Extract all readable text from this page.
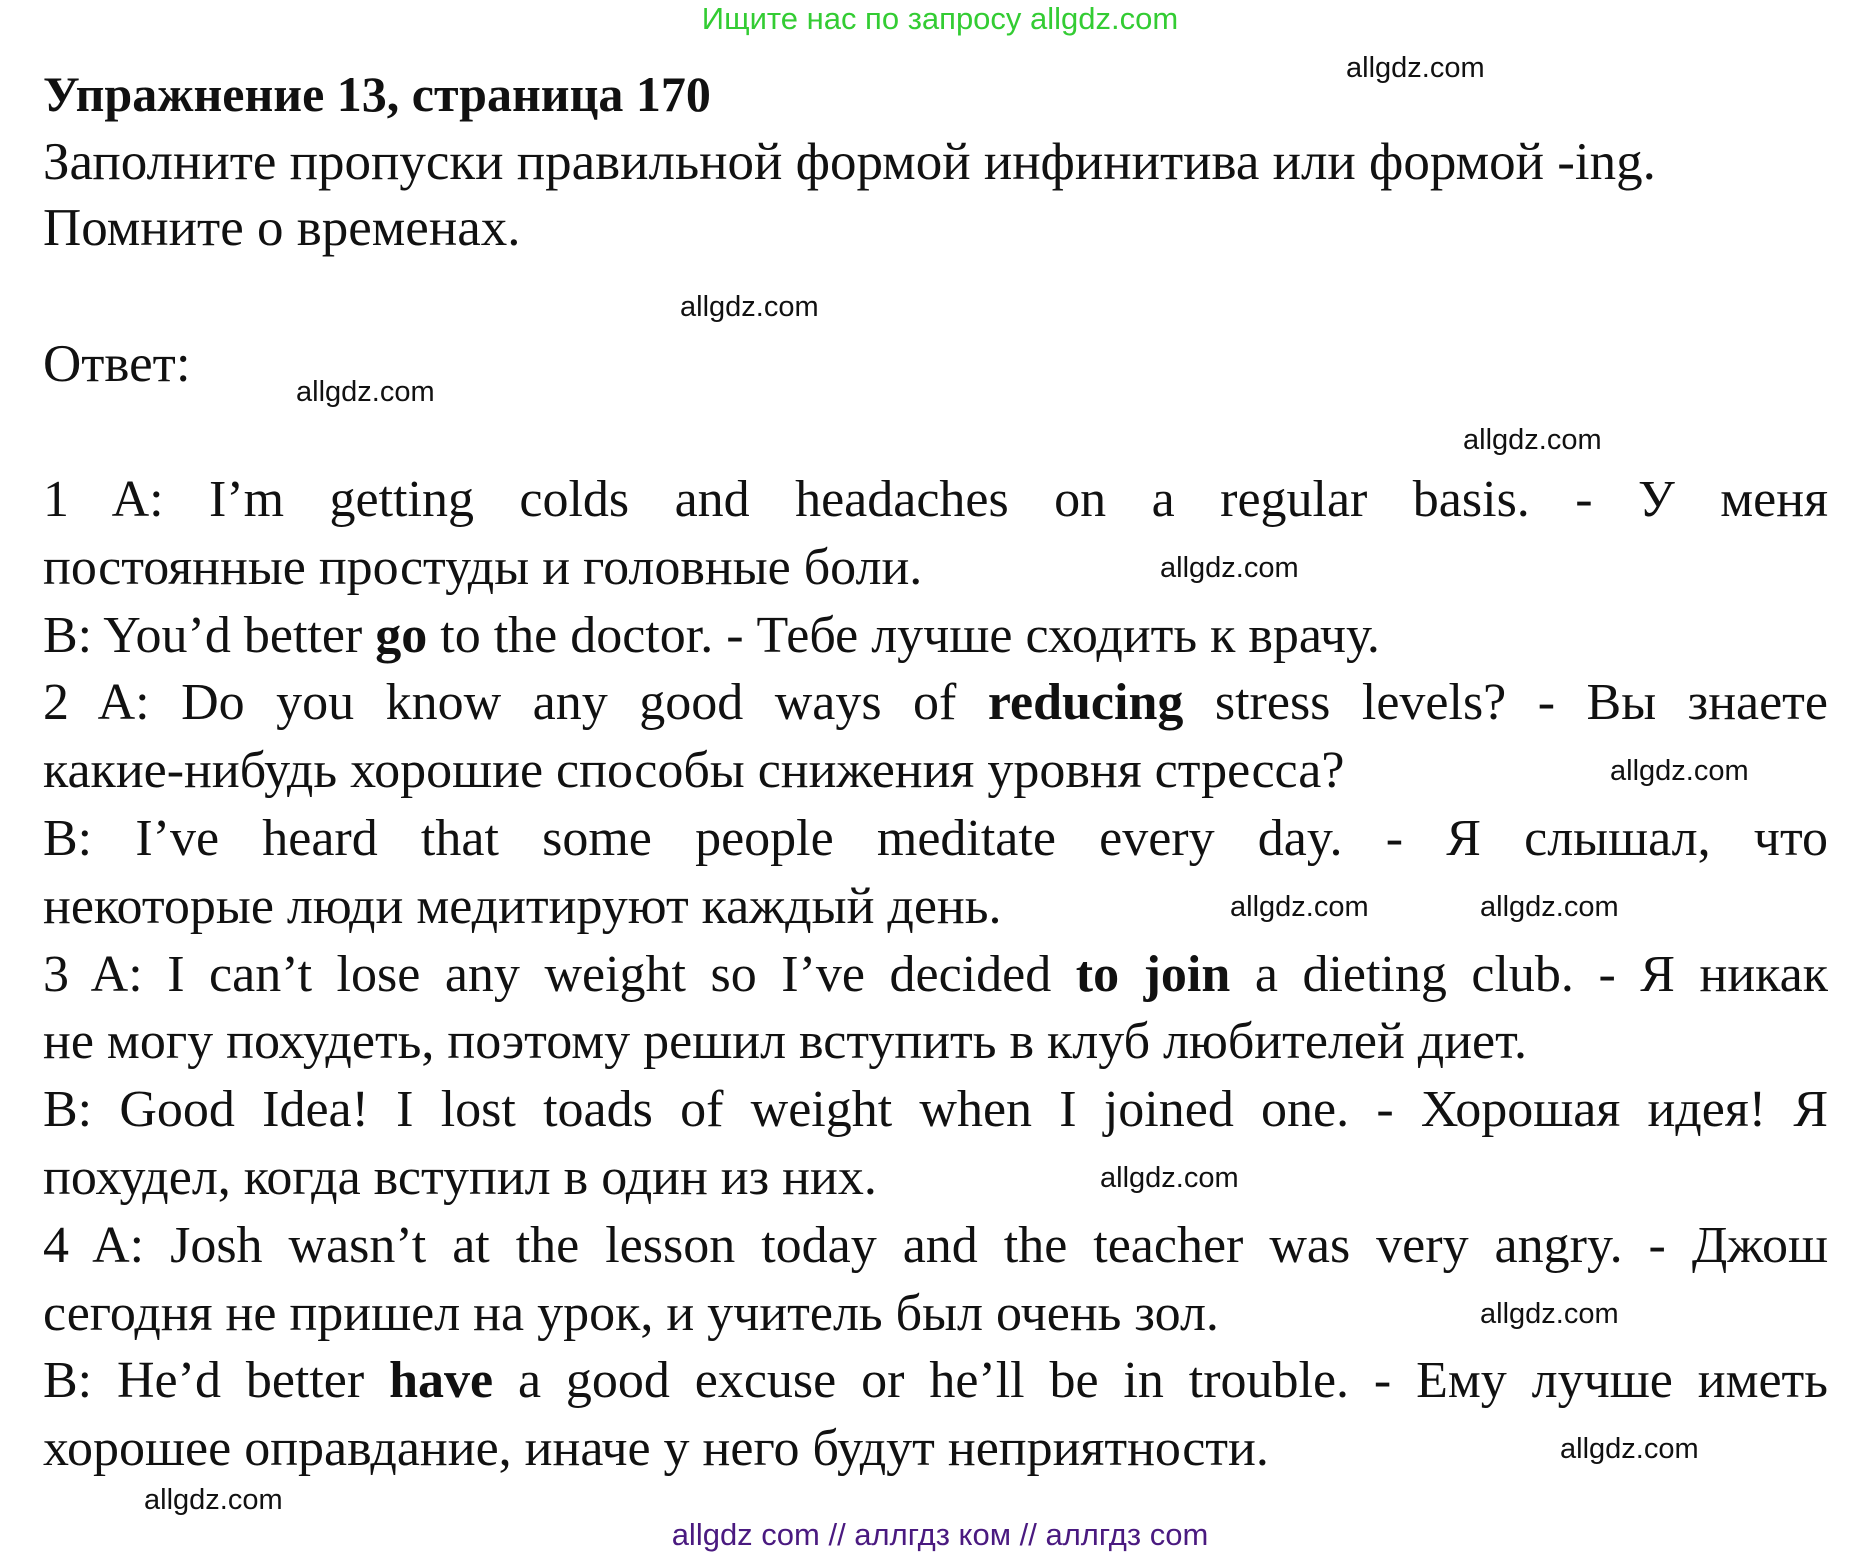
Ищите нас по запросу allgdz.com
Упражнение 13, страница 170
Заполните пропуски правильной формой инфинитива или формой -ing.
Помните о временах.
Ответ:
1 A: I’m getting colds and headaches on a regular basis. - У меня
постоянные простуды и головные боли.
B: You’d better go to the doctor. - Тебе лучше сходить к врачу.
2 A: Do you know any good ways of reducing stress levels? - Вы знаете
какие-нибудь хорошие способы снижения уровня стресса?
B: I’ve heard that some people meditate every day. - Я слышал, что
некоторые люди медитируют каждый день.
3 A: I can’t lose any weight so I’ve decided to join a dieting club. - Я никак
не могу похудеть, поэтому решил вступить в клуб любителей диет.
B: Good Idea! I lost toads of weight when I joined one. - Хорошая идея! Я
похудел, когда вступил в один из них.
4 A: Josh wasn’t at the lesson today and the teacher was very angry. - Джош
сегодня не пришел на урок, и учитель был очень зол.
B: He’d better have a good excuse or he’ll be in trouble. - Ему лучше иметь
хорошее оправдание, иначе у него будут неприятности.
allgdz.com
allgdz.com
allgdz.com
allgdz.com
allgdz.com
allgdz.com
allgdz.com	allgdz.com
allgdz.com
allgdz.com
allgdz.com
allgdz.com
allgdz com // аллгдз ком // аллгдз com
